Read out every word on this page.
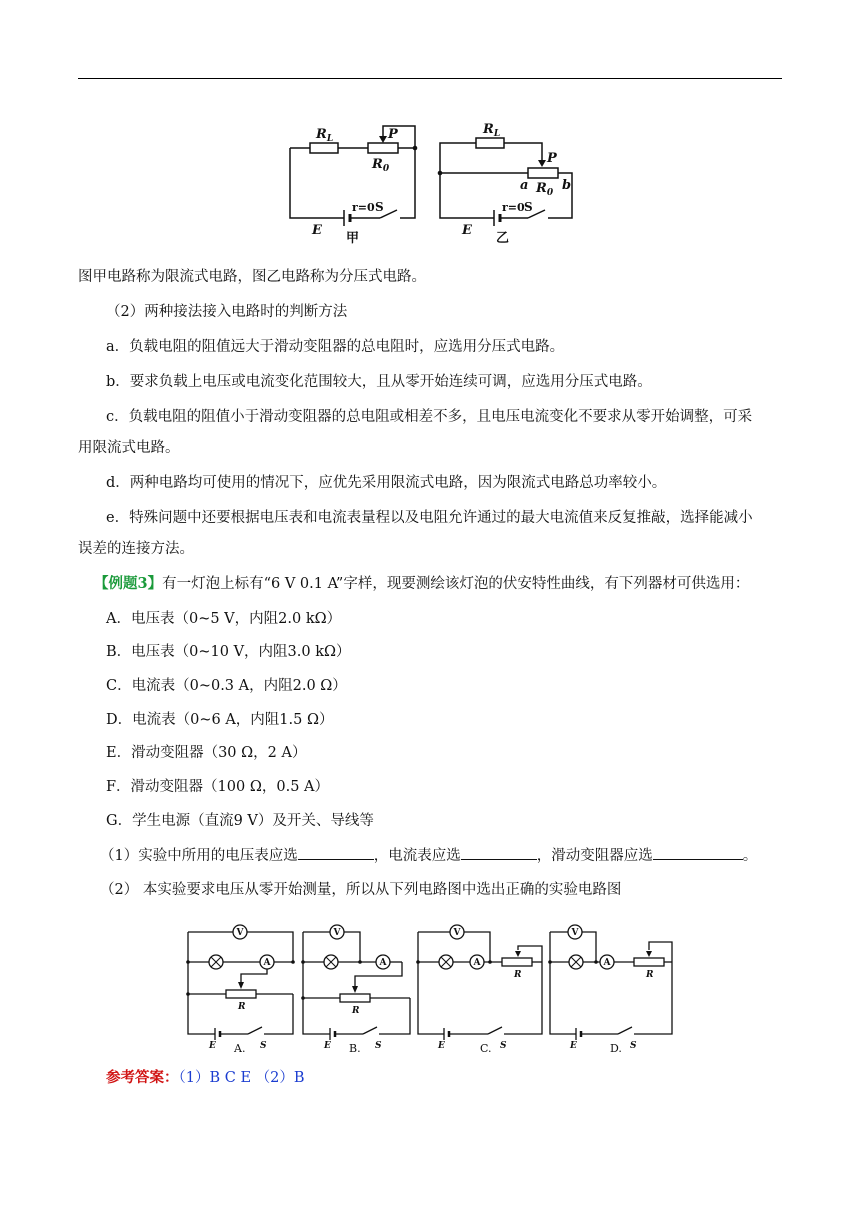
$R_L$	P
$R_0$
r=0 S
E
甲
$R_L$
P
a $R_0$ b
r=0 S
E
乙
图甲电路称为限流式电路，图乙电路称为分压式电路。
（2）两种接法接入电路时的判断方法
a．负载电阻的阻值远大于滑动变阻器的总电阻时，应选用分压式电路。
b．要求负载上电压或电流变化范围较大，且从零开始连续可调，应选用分压式电路。
c．负载电阻的阻值小于滑动变阻器的总电阻或相差不多，且电压电流变化不要求从零开始调整，可采
用限流式电路。
d．两种电路均可使用的情况下，应优先采用限流式电路，因为限流式电路总功率较小。
e．特殊问题中还要根据电压表和电流表量程以及电阻允许通过的最大电流值来反复推敲，选择能减小
误差的连接方法。
【例题3】有一灯泡上标有“6 V 0.1 A”字样，现要测绘该灯泡的伏安特性曲线，有下列器材可供选用：
A．电压表（0~5 V，内阻2.0 kΩ）
B．电压表（0~10 V，内阻3.0 kΩ）
C．电流表（0~0.3 A，内阻2.0 Ω）
D．电流表（0~6 A，内阻1.5 Ω）
E．滑动变阻器（30 Ω，2 A）
F．滑动变阻器（100 Ω，0.5 A）
G．学生电源（直流9 V）及开关、导线等
（1）实验中所用的电压表应选	，电流表应选	，滑动变阻器应选	。
（2） 本实验要求电压从零开始测量，所以从下列电路图中选出正确的实验电路图
V
A
V
A
V
A
V
A
R	R
R	R
E	E	E	E
S	S	S	S
A.	B.	C.	D.
参考答案：（1）B C E （2）B
